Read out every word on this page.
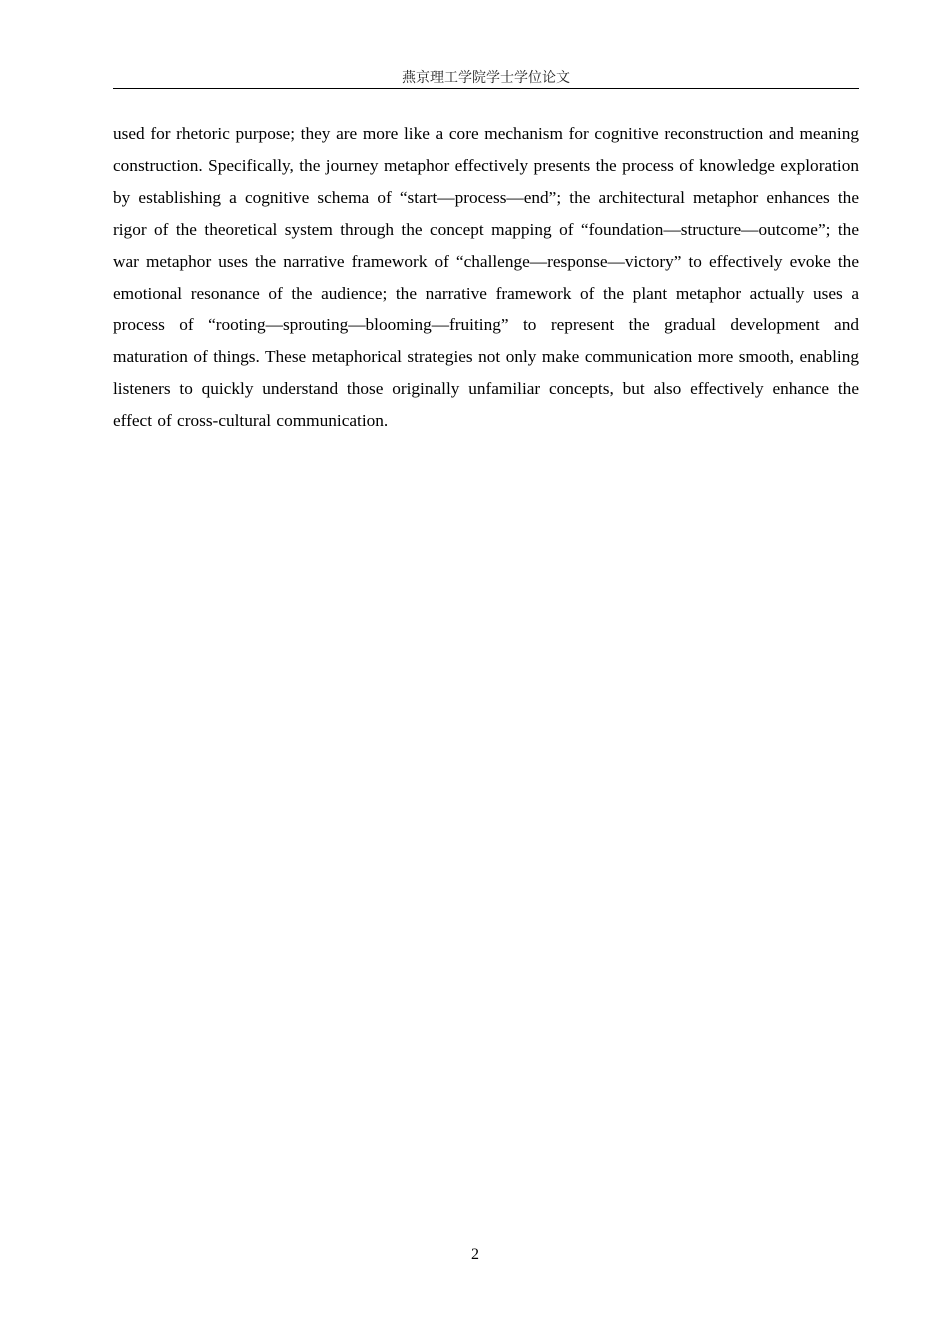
燕京理工学院学士学位论文

used for rhetoric purpose; they are more like a core mechanism for cognitive reconstruction and meaning construction. Specifically, the journey metaphor effectively presents the process of knowledge exploration by establishing a cognitive schema of “start—process—end”; the architectural metaphor enhances the rigor of the theoretical system through the concept mapping of “foundation—structure—outcome”; the war metaphor uses the narrative framework of “challenge—response—victory” to effectively evoke the emotional resonance of the audience; the narrative framework of the plant metaphor actually uses a process of “rooting—sprouting—blooming—fruiting” to represent the gradual development and maturation of things. These metaphorical strategies not only make communication more smooth, enabling listeners to quickly understand those originally unfamiliar concepts, but also effectively enhance the effect of cross-cultural communication.

2
